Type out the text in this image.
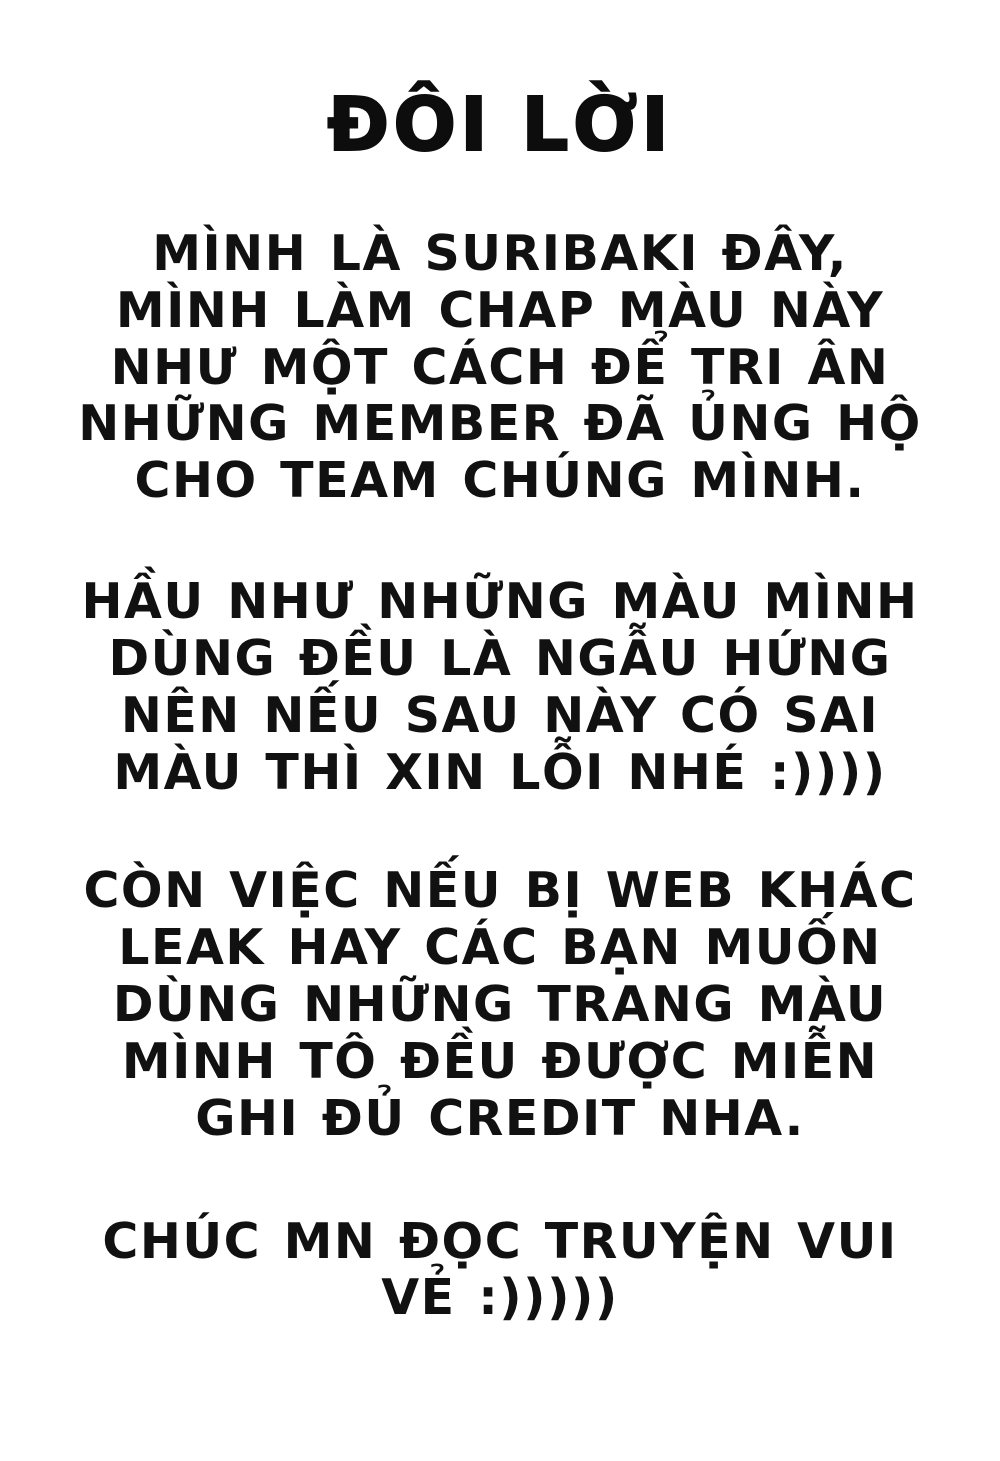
ĐÔI LỜI

MÌNH LÀ SURIBAKI ĐÂY, MÌNH LÀM CHAP MÀU NÀY NHƯ MỘT CÁCH ĐỂ TRI ÂN NHỮNG MEMBER ĐÃ ỦNG HỘ CHO TEAM CHÚNG MÌNH.

HẦU NHƯ NHỮNG MÀU MÌNH DÙNG ĐỀU LÀ NGẪU HỨNG NÊN NẾU SAU NÀY CÓ SAI MÀU THÌ XIN LỖI NHÉ :))))

CÒN VIỆC NẾU BỊ WEB KHÁC LEAK HAY CÁC BẠN MUỐN DÙNG NHỮNG TRANG MÀU MÌNH TÔ ĐỀU ĐƯỢC MIỄN GHI ĐỦ CREDIT NHA.

CHÚC MN ĐỌC TRUYỆN VUI VẺ :)))))
